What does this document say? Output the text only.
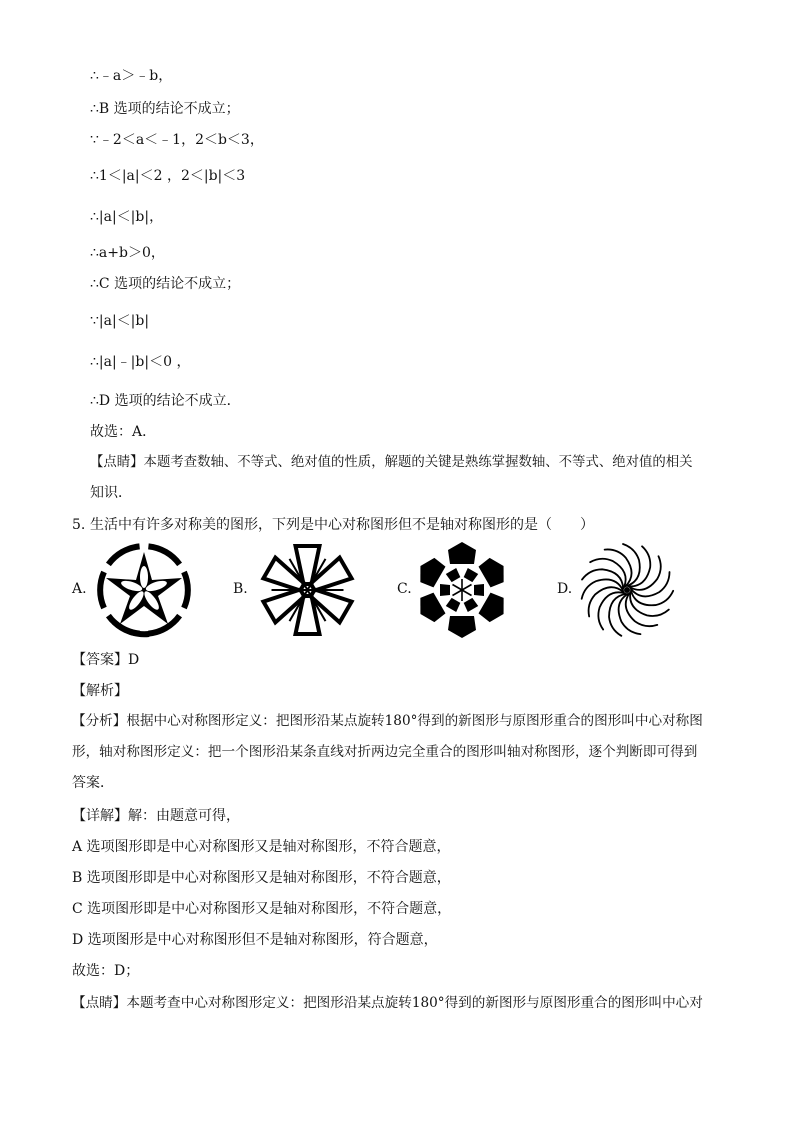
∴﹣a＞﹣b，
∴B 选项的结论不成立；
∵﹣2＜a＜﹣1，2＜b＜3，
∴1＜|a|＜2 ，2＜|b|＜3
∴|a|＜|b|，
∴a+b＞0，
∴C 选项的结论不成立；
∵|a|＜|b|
∴|a|﹣|b|＜0 ，
∴D 选项的结论不成立．
故选：A．
【点睛】本题考查数轴、不等式、绝对值的性质，解题的关键是熟练掌握数轴、不等式、绝对值的相关
知识．
5. 生活中有许多对称美的图形，下列是中心对称图形但不是轴对称图形的是（　　）
A.	B.	C.	D.
【答案】D
【解析】
【分析】根据中心对称图形定义：把图形沿某点旋转180°得到的新图形与原图形重合的图形叫中心对称图
形，轴对称图形定义：把一个图形沿某条直线对折两边完全重合的图形叫轴对称图形，逐个判断即可得到
答案．
【详解】解：由题意可得，
A 选项图形即是中心对称图形又是轴对称图形，不符合题意，
B 选项图形即是中心对称图形又是轴对称图形，不符合题意，
C 选项图形即是中心对称图形又是轴对称图形，不符合题意，
D 选项图形是中心对称图形但不是轴对称图形，符合题意，
故选：D；
【点睛】本题考查中心对称图形定义：把图形沿某点旋转180°得到的新图形与原图形重合的图形叫中心对
